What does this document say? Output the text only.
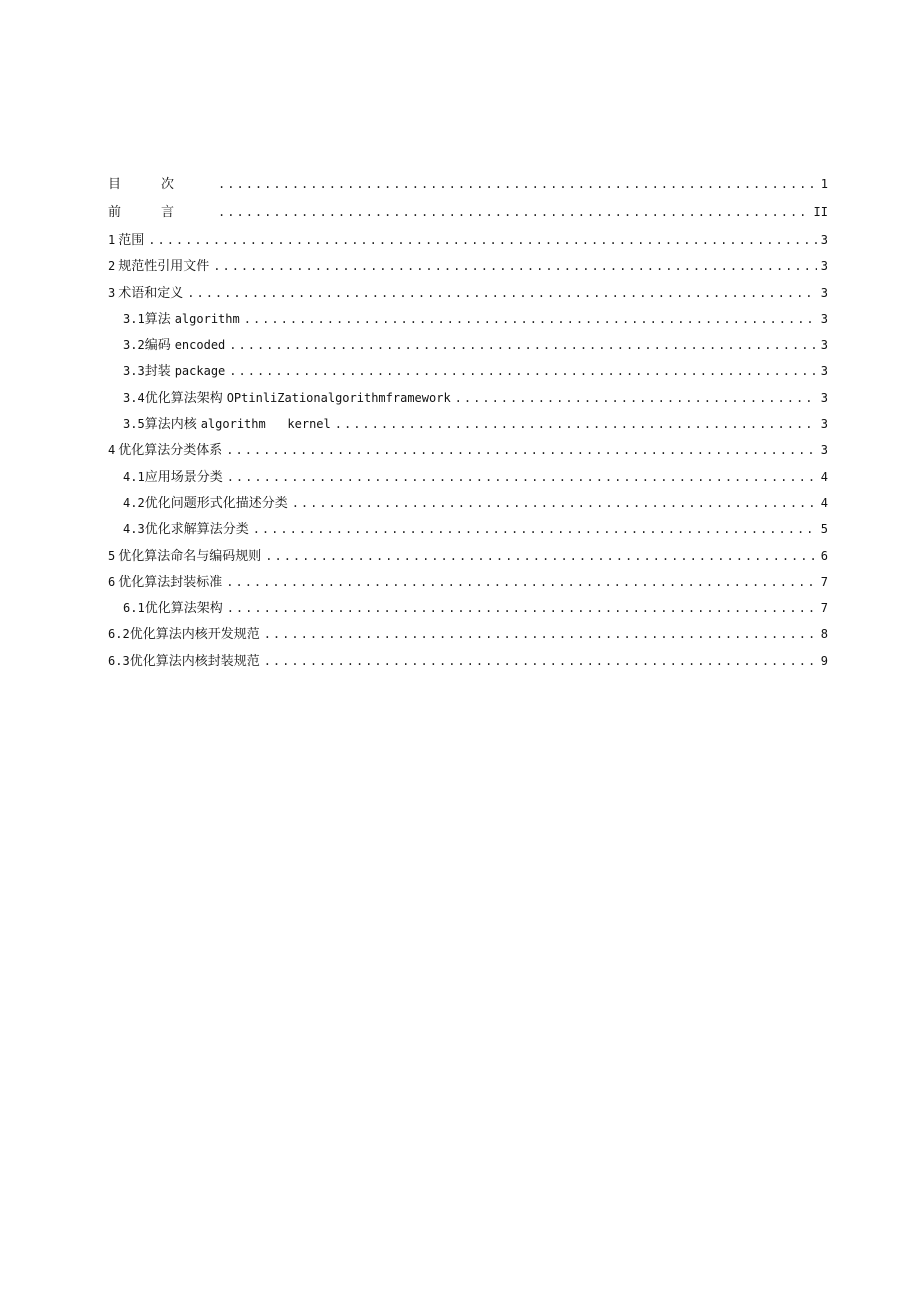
目次 .....	1
前言 .....	II
1 范围 .....	3
2 规范性引用文件 .....	3
3 术语和定义 .....	3
3.1 算法 algorithm .....	3
3.2 编码 encoded .....	3
3.3 封装 package .....	3
3.4 优化算法架构 OPtinliZationalgorithmframework .....	3
3.5 算法内核 algorithm   kernel .....	3
4 优化算法分类体系 .....	3
4.1 应用场景分类 .....	4
4.2 优化问题形式化描述分类 .....	4
4.3 优化求解算法分类 .....	5
5 优化算法命名与编码规则 .....	6
6 优化算法封装标准 .....	7
6.1 优化算法架构 .....	7
6.2 优化算法内核开发规范 .....	8
6.3 优化算法内核封装规范 .....	9
